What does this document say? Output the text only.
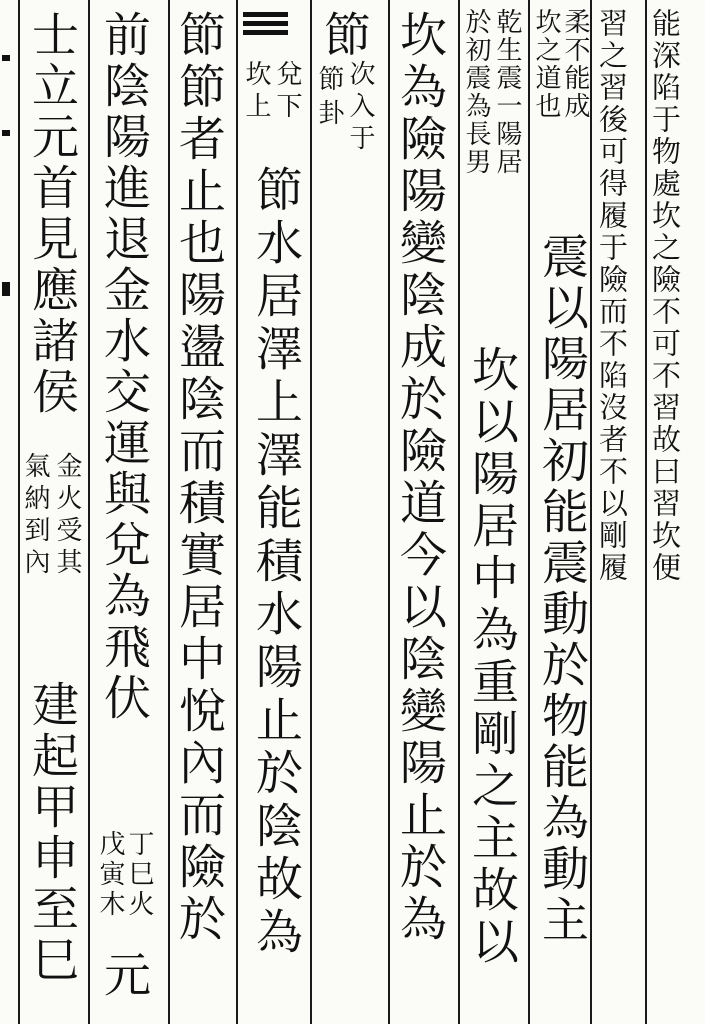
能深陷于物處坎之險不可不習故曰習坎便
習之習後可得履于險而不陷沒者不以剛履
柔不能成
坎之道也
震以陽居初能震動於物能為動主
乾生震一陽居
於初震為長男
坎以陽居中為重剛之主故以
坎為險陽變陰成於險道今以陰變陽止於為
節
次入于
節卦
兌下
坎上
節水居澤上澤能積水陽止於陰故為
節節者止也陽盪陰而積實居中悅內而險於
前陰陽進退金水交運與兌為飛伏
丁巳火
戊寅木
元
士立元首見應諸侯
金火受其
氣納到內
建起甲申至巳
